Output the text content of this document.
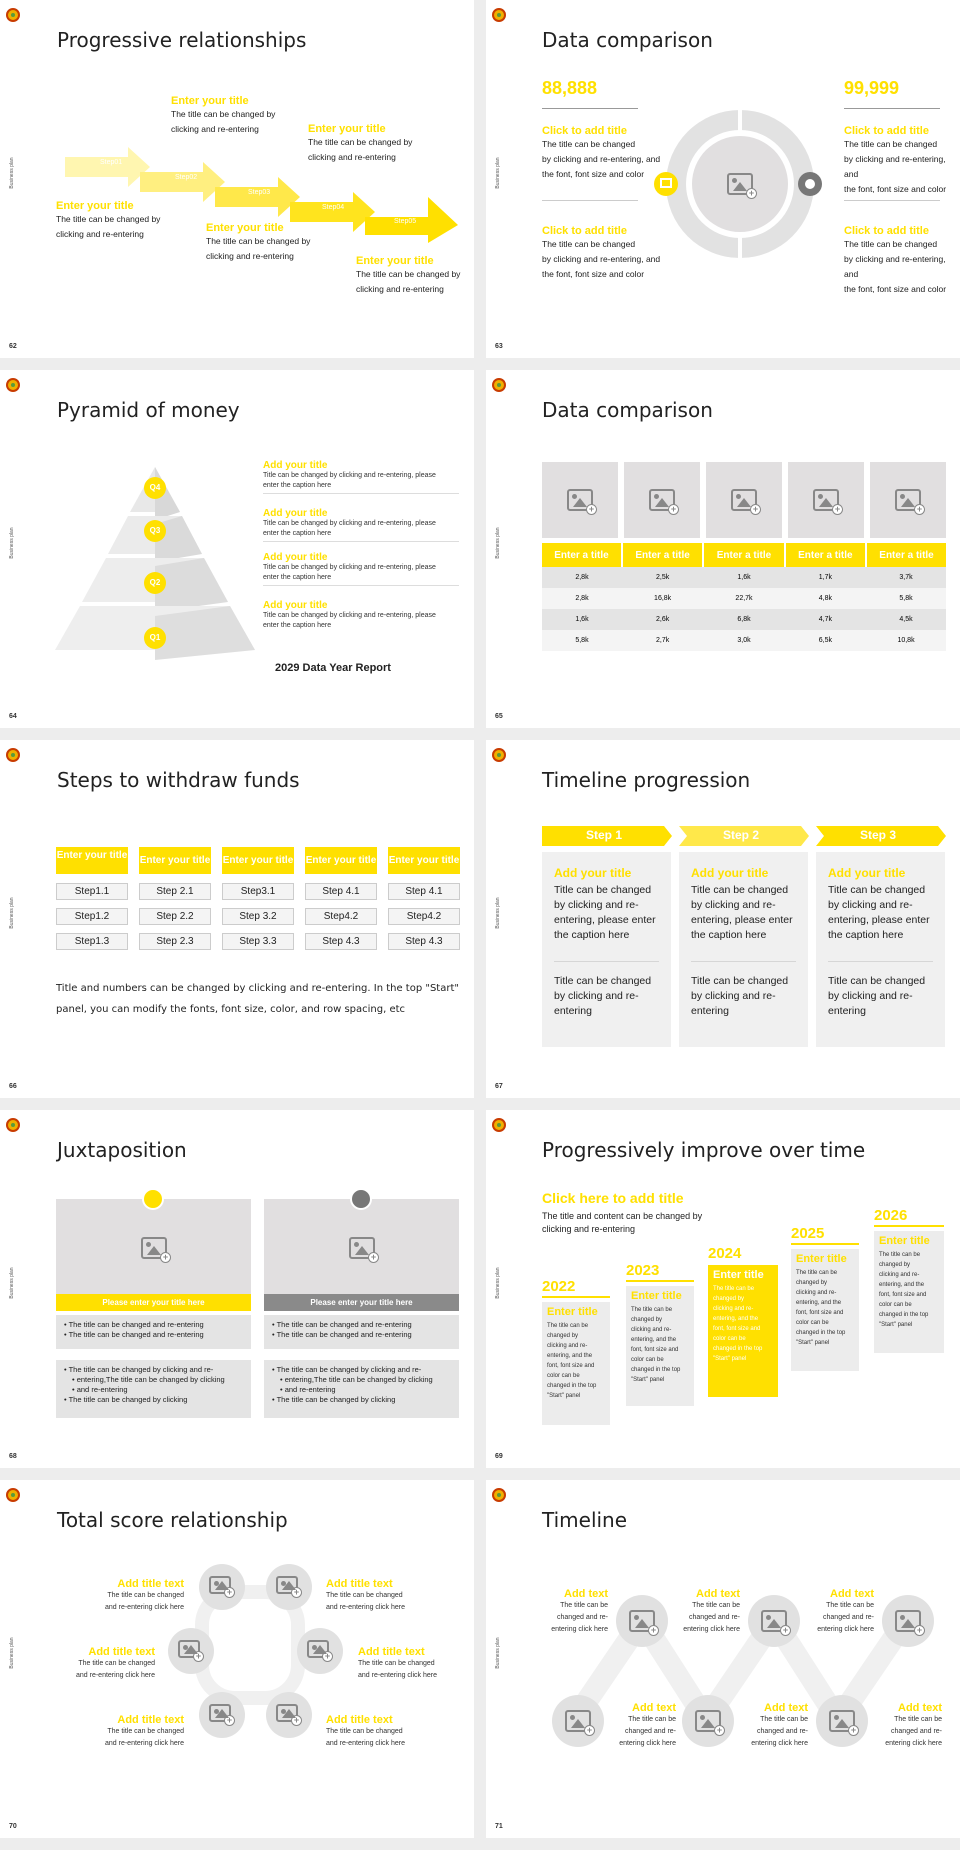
Business plan
Progressive relationships
Step01
Step02
Step03
Step04
Step05
Enter your title
The title can be changed by
clicking and re-entering	Enter your title
The title can be changed by
clicking and re-entering
Enter your title
The title can be changed by
clicking and re-entering	Enter your title
The title can be changed by
clicking and re-entering	Enter your title
The title can be changed by
clicking and re-entering
62
Business plan
Data comparison
88,888	99,999
Click to add title
The title can be changed
by clicking and re-entering, and
the font, font size and color
Click to add title
The title can be changed
by clicking and re-entering, and
the font, font size and color
Click to add title
The title can be changed
by clicking and re-entering, and
the font, font size and color
Click to add title
The title can be changed
by clicking and re-entering, and
the font, font size and color
+
63
Business plan
Pyramid of money
Q4
Q3
Q2
Q1
Add your title
Title can be changed by clicking and re-entering, please
enter the caption here
Add your title
Title can be changed by clicking and re-entering, please
enter the caption here
Add your title
Title can be changed by clicking and re-entering, please
enter the caption here
Add your title
Title can be changed by clicking and re-entering, please
enter the caption here
2029 Data Year Report
64
Business plan
Data comparison
+	+	+	+	+
Enter a title	Enter a title	Enter a title	Enter a title	Enter a title
2,8k	2,5k	1,6k	1,7k	3,7k
2,8k	16,8k	22,7k	4,8k	5,8k
1,6k	2,6k	6,8k	4,7k	4,5k
5,8k	2,7k	3,0k	6,5k	10,8k
65
Business plan
Steps to withdraw funds
Enter your title Enter your title Enter your title Enter your title Enter your title
Step1.1	Step 2.1	Step3.1	Step 4.1	Step 4.1
Step1.2	Step 2.2	Step 3.2	Step4.2	Step4.2
Step1.3	Step 2.3	Step 3.3	Step 4.3	Step 4.3
Title and numbers can be changed by clicking and re-entering. In the top "Start"
panel, you can modify the fonts, font size, color, and row spacing, etc
66
Business plan
Timeline progression
Step 1	Step 2	Step 3
Add your title
Title can be changed
by clicking and re-
entering, please enter
the caption here
Title can be changed
by clicking and re-
entering
Add your title
Title can be changed
by clicking and re-
entering, please enter
the caption here
Title can be changed
by clicking and re-
entering
Add your title
Title can be changed
by clicking and re-
entering, please enter
the caption here
Title can be changed
by clicking and re-
entering
67
Business plan
Juxtaposition
+
Please enter your title here
• The title can be changed and re-entering
• The title can be changed and re-entering
• The title can be changed by clicking and re-
• entering,The title can be changed by clicking
• and re-entering
• The title can be changed by clicking
+
Please enter your title here
• The title can be changed and re-entering
• The title can be changed and re-entering
• The title can be changed by clicking and re-
• entering,The title can be changed by clicking
• and re-entering
• The title can be changed by clicking
68
Business plan
Progressively improve over time
Click here to add title
The title and content can be changed by
clicking and re-entering
2022
Enter title
The title can be
changed by
clicking and re-
entering, and the
font, font size and
color can be
changed in the top
"Start" panel
2023
Enter title
The title can be
changed by
clicking and re-
entering, and the
font, font size and
color can be
changed in the top
"Start" panel
2024
Enter title
The title can be
changed by
clicking and re-
entering, and the
font, font size and
color can be
changed in the top
"Start" panel
2025
Enter title
The title can be
changed by
clicking and re-
entering, and the
font, font size and
color can be
changed in the top
"Start" panel
2026
Enter title
The title can be
changed by
clicking and re-
entering, and the
font, font size and
color can be
changed in the top
"Start" panel
69
Business plan
Total score relationship
+	+
+	+
+	+
Add title text
The title can be changed
and re-entering click here
Add title text
The title can be changed
and re-entering click here
Add title text
The title can be changed
and re-entering click here
Add title text
The title can be changed
and re-entering click here
Add title text
The title can be changed
and re-entering click here
Add title text
The title can be changed
and re-entering click here
70
Business plan
Timeline
+	+	+
+	+	+
Add text
The title can be
changed and re-
entering click here
Add text
The title can be
changed and re-
entering click here
Add text
The title can be
changed and re-
entering click here
Add text
The title can be
changed and re-
entering click here
Add text
The title can be
changed and re-
entering click here
Add text
The title can be
changed and re-
entering click here
71
